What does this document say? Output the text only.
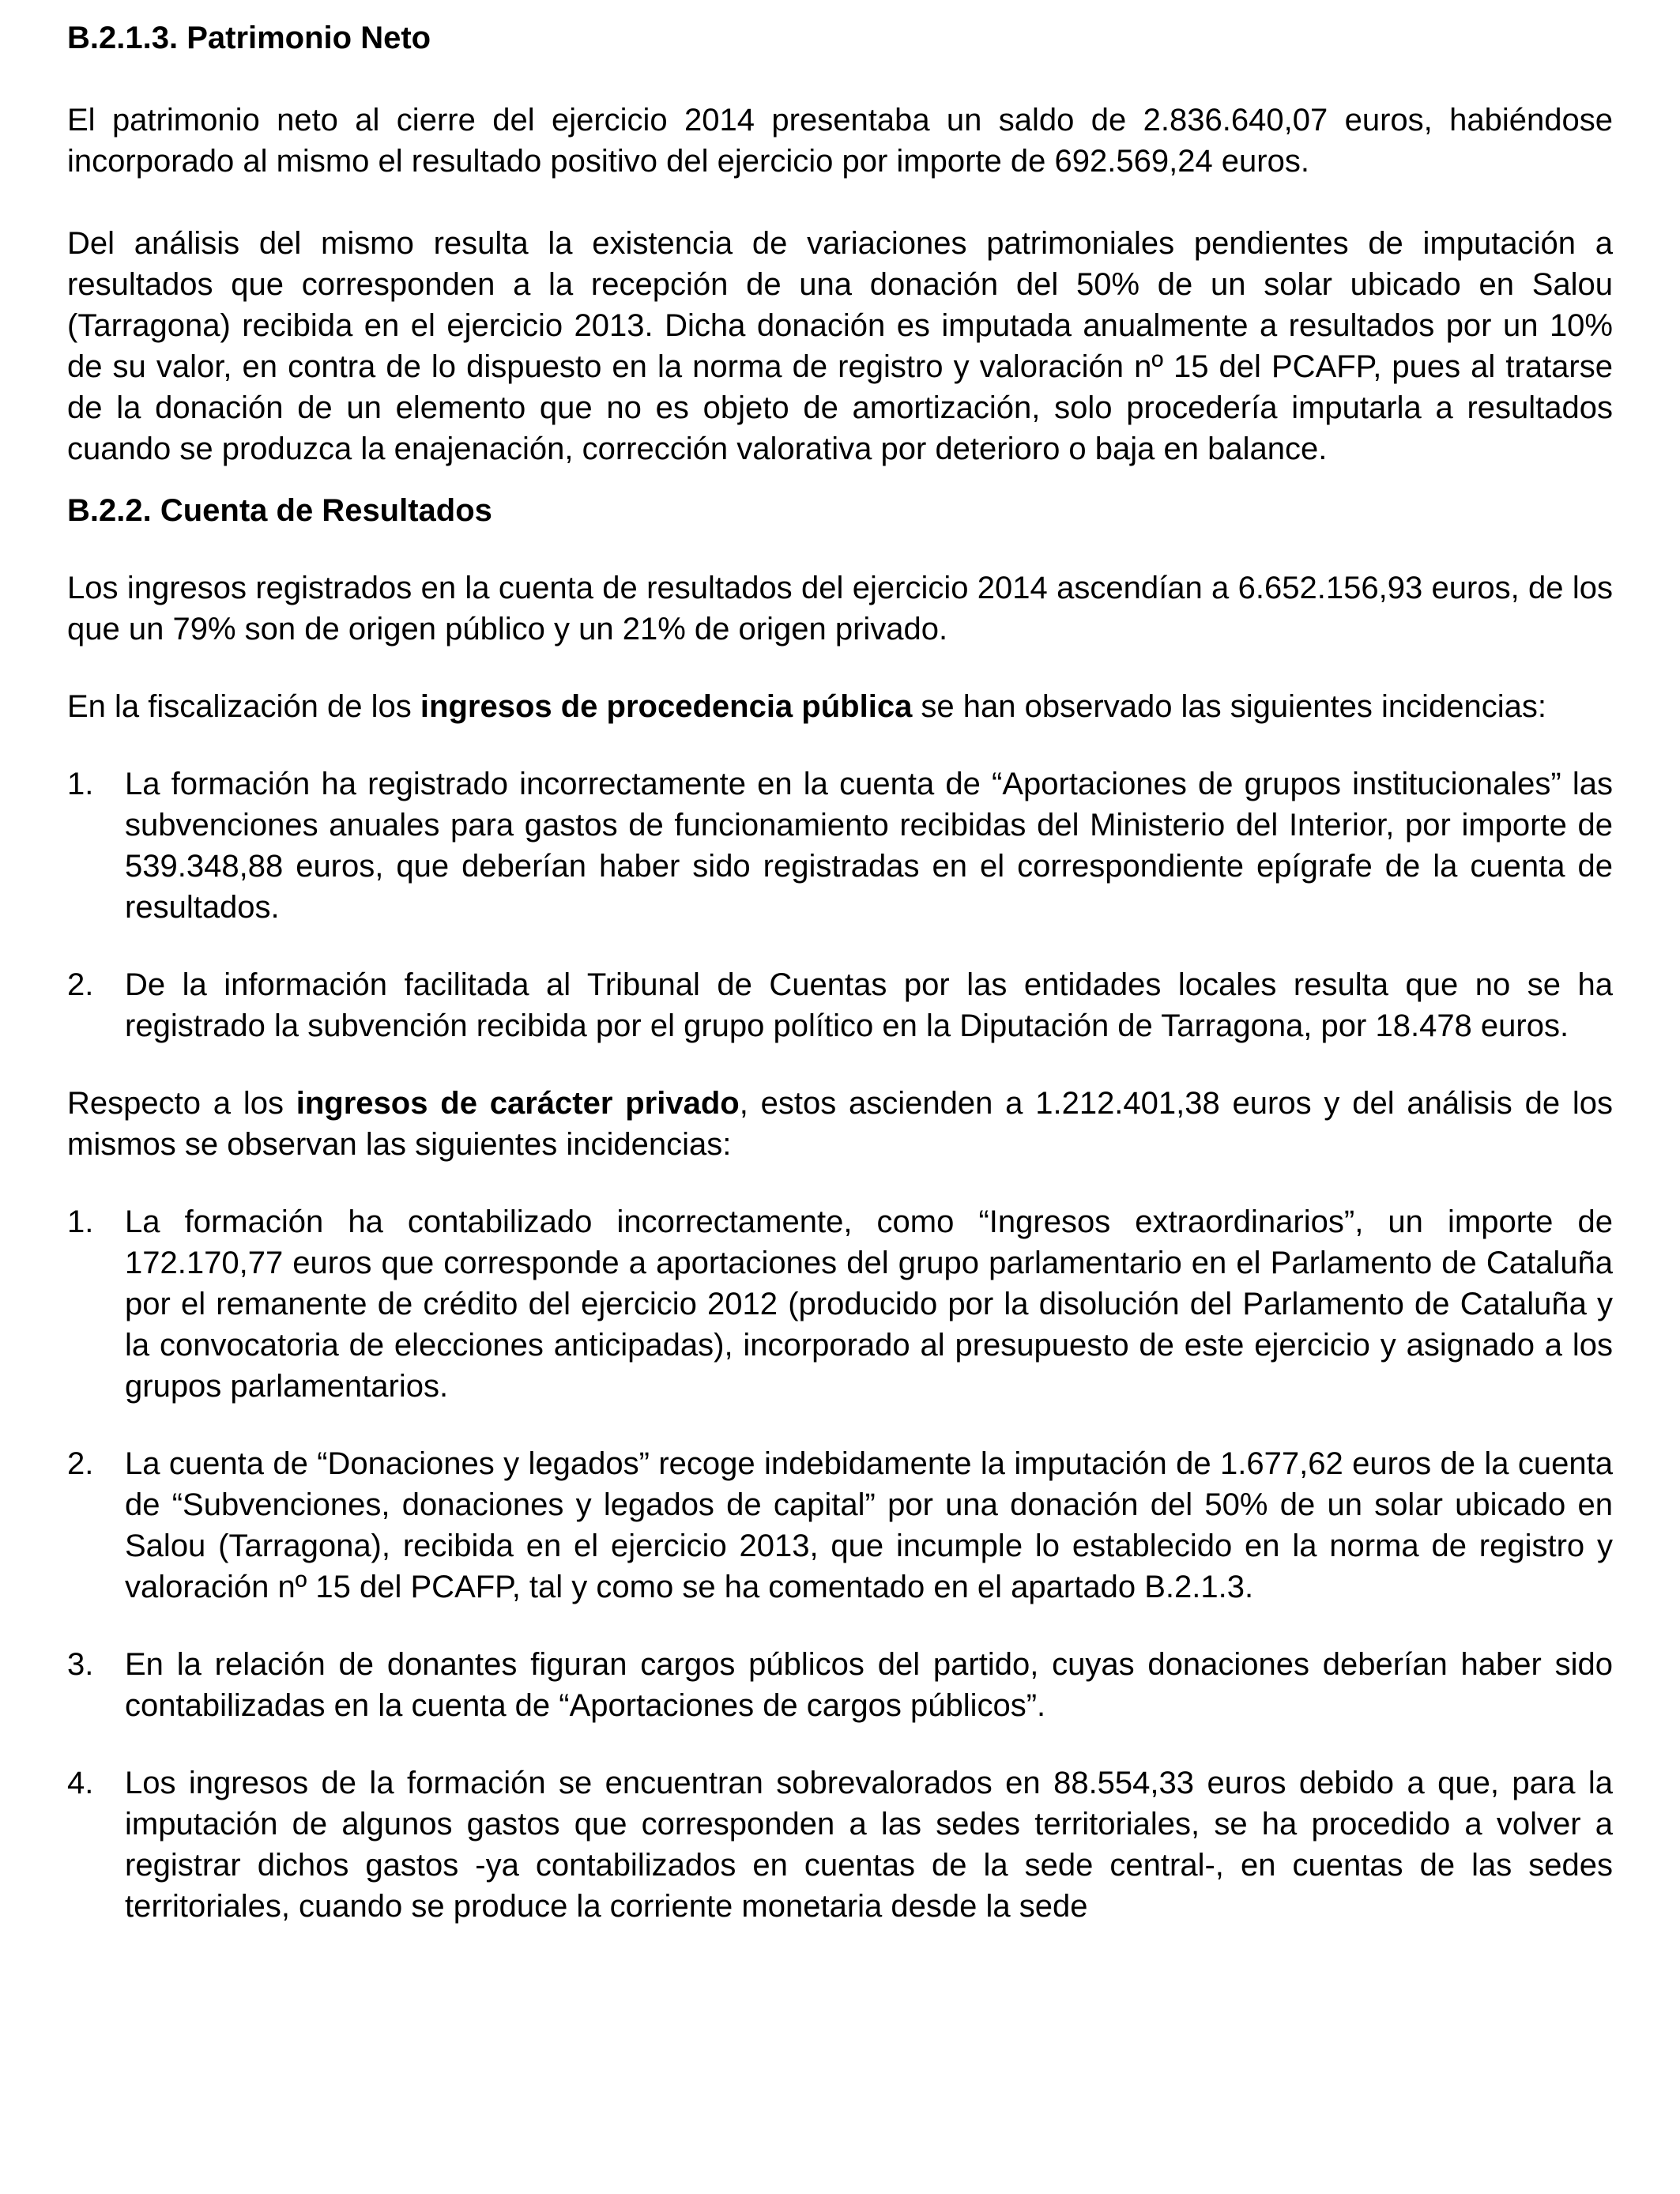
B.2.1.3. Patrimonio Neto

El patrimonio neto al cierre del ejercicio 2014 presentaba un saldo de 2.836.640,07 euros, habiéndose incorporado al mismo el resultado positivo del ejercicio por importe de 692.569,24 euros.

Del análisis del mismo resulta la existencia de variaciones patrimoniales pendientes de imputación a resultados que corresponden a la recepción de una donación del 50% de un solar ubicado en Salou (Tarragona) recibida en el ejercicio 2013. Dicha donación es imputada anualmente a resultados por un 10% de su valor, en contra de lo dispuesto en la norma de registro y valoración nº 15 del PCAFP, pues al tratarse de la donación de un elemento que no es objeto de amortización, solo procedería imputarla a resultados cuando se produzca la enajenación, corrección valorativa por deterioro o baja en balance.

B.2.2. Cuenta de Resultados

Los ingresos registrados en la cuenta de resultados del ejercicio 2014 ascendían a 6.652.156,93 euros, de los que un 79% son de origen público y un 21% de origen privado.

En la fiscalización de los ingresos de procedencia pública se han observado las siguientes incidencias:

1. La formación ha registrado incorrectamente en la cuenta de “Aportaciones de grupos institucionales” las subvenciones anuales para gastos de funcionamiento recibidas del Ministerio del Interior, por importe de 539.348,88 euros, que deberían haber sido registradas en el correspondiente epígrafe de la cuenta de resultados.
2. De la información facilitada al Tribunal de Cuentas por las entidades locales resulta que no se ha registrado la subvención recibida por el grupo político en la Diputación de Tarragona, por 18.478 euros.

Respecto a los ingresos de carácter privado, estos ascienden a 1.212.401,38 euros y del análisis de los mismos se observan las siguientes incidencias:

1. La formación ha contabilizado incorrectamente, como “Ingresos extraordinarios”, un importe de 172.170,77 euros que corresponde a aportaciones del grupo parlamentario en el Parlamento de Cataluña por el remanente de crédito del ejercicio 2012 (producido por la disolución del Parlamento de Cataluña y la convocatoria de elecciones anticipadas), incorporado al presupuesto de este ejercicio y asignado a los grupos parlamentarios.
2. La cuenta de “Donaciones y legados” recoge indebidamente la imputación de 1.677,62 euros de la cuenta de “Subvenciones, donaciones y legados de capital” por una donación del 50% de un solar ubicado en Salou (Tarragona), recibida en el ejercicio 2013, que incumple lo establecido en la norma de registro y valoración nº 15 del PCAFP, tal y como se ha comentado en el apartado B.2.1.3.
3. En la relación de donantes figuran cargos públicos del partido, cuyas donaciones deberían haber sido contabilizadas en la cuenta de “Aportaciones de cargos públicos”.
4. Los ingresos de la formación se encuentran sobrevalorados en 88.554,33 euros debido a que, para la imputación de algunos gastos que corresponden a las sedes territoriales, se ha procedido a volver a registrar dichos gastos -ya contabilizados en cuentas de la sede central-, en cuentas de las sedes territoriales, cuando se produce la corriente monetaria desde la sede
